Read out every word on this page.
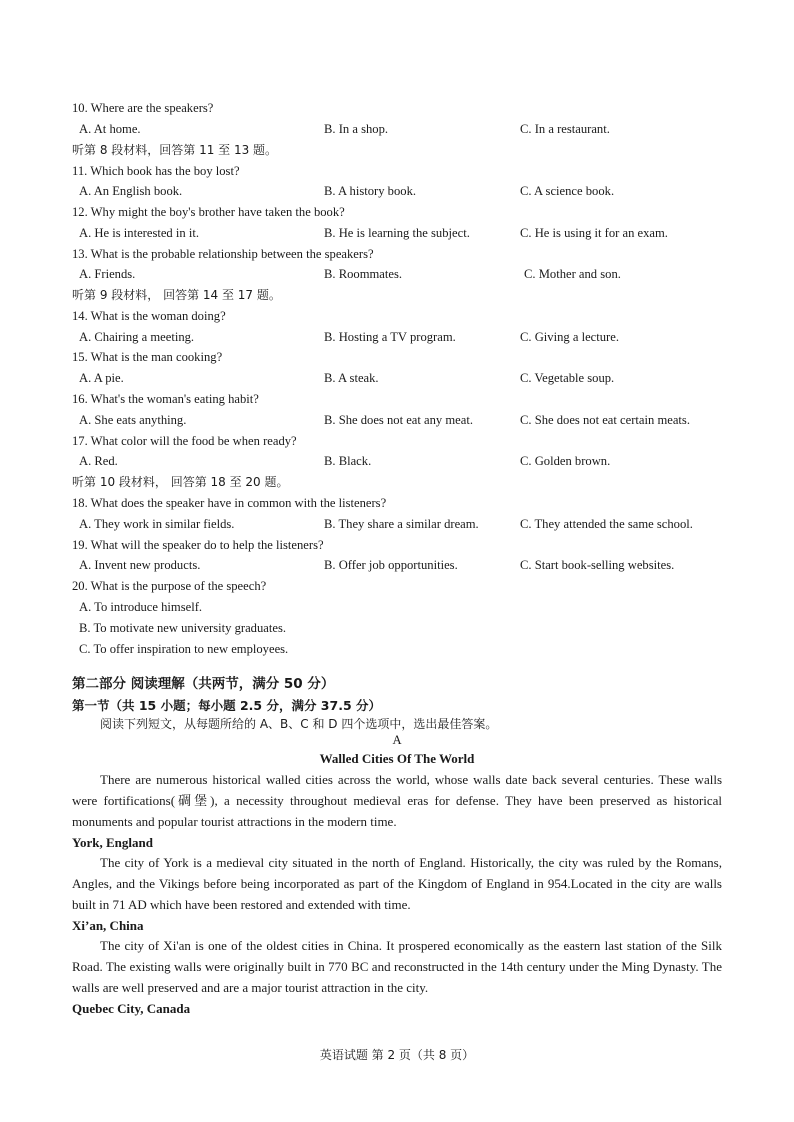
10. Where are the speakers?
A. At home.	B. In a shop.	C. In a restaurant.
听第 8 段材料，回答第 11 至 13 题。
11. Which book has the boy lost?
A. An English book.	B. A history book.	C. A science book.
12. Why might the boy's brother have taken the book?
A. He is interested in it.	B. He is learning the subject.	C. He is using it for an exam.
13. What is the probable relationship between the speakers?
A. Friends.	B. Roommates.	C. Mother and son.
听第 9 段材料， 回答第 14 至 17 题。
14. What is the woman doing?
A. Chairing a meeting.	B. Hosting a TV program.	C. Giving a lecture.
15. What is the man cooking?
A. A pie.	B. A steak.	C. Vegetable soup.
16. What's the woman's eating habit?
A. She eats anything.	B. She does not eat any meat.	C. She does not eat certain meats.
17. What color will the food be when ready?
A. Red.	B. Black.	C. Golden brown.
听第 10 段材料， 回答第 18 至 20 题。
18. What does the speaker have in common with the listeners?
A. They work in similar fields.	B. They share a similar dream.	C. They attended the same school.
19. What will the speaker do to help the listeners?
A. Invent new products.	B. Offer job opportunities.	C. Start book-selling websites.
20. What is the purpose of the speech?
A. To introduce himself.
B. To motivate new university graduates.
C. To offer inspiration to new employees.
第二部分 阅读理解（共两节，满分 50 分）
第一节（共 15 小题；每小题 2.5 分，满分 37.5 分）
阅读下列短文，从每题所给的 A、B、C 和 D 四个选项中，选出最佳答案。
A
Walled Cities Of The World
There are numerous historical walled cities across the world, whose walls date back several centuries. These walls were fortifications(碉堡), a necessity throughout medieval eras for defense. They have been preserved as historical monuments and popular tourist attractions in the modern time.
York, England
The city of York is a medieval city situated in the north of England. Historically, the city was ruled by the Romans, Angles, and the Vikings before being incorporated as part of the Kingdom of England in 954.Located in the city are walls built in 71 AD which have been restored and extended with time.
Xi’an, China
The city of Xi'an is one of the oldest cities in China. It prospered economically as the eastern last station of the Silk Road. The existing walls were originally built in 770 BC and reconstructed in the 14th century under the Ming Dynasty. The walls are well preserved and are a major tourist attraction in the city.
Quebec City, Canada
英语试题 第 2 页（共 8 页）
